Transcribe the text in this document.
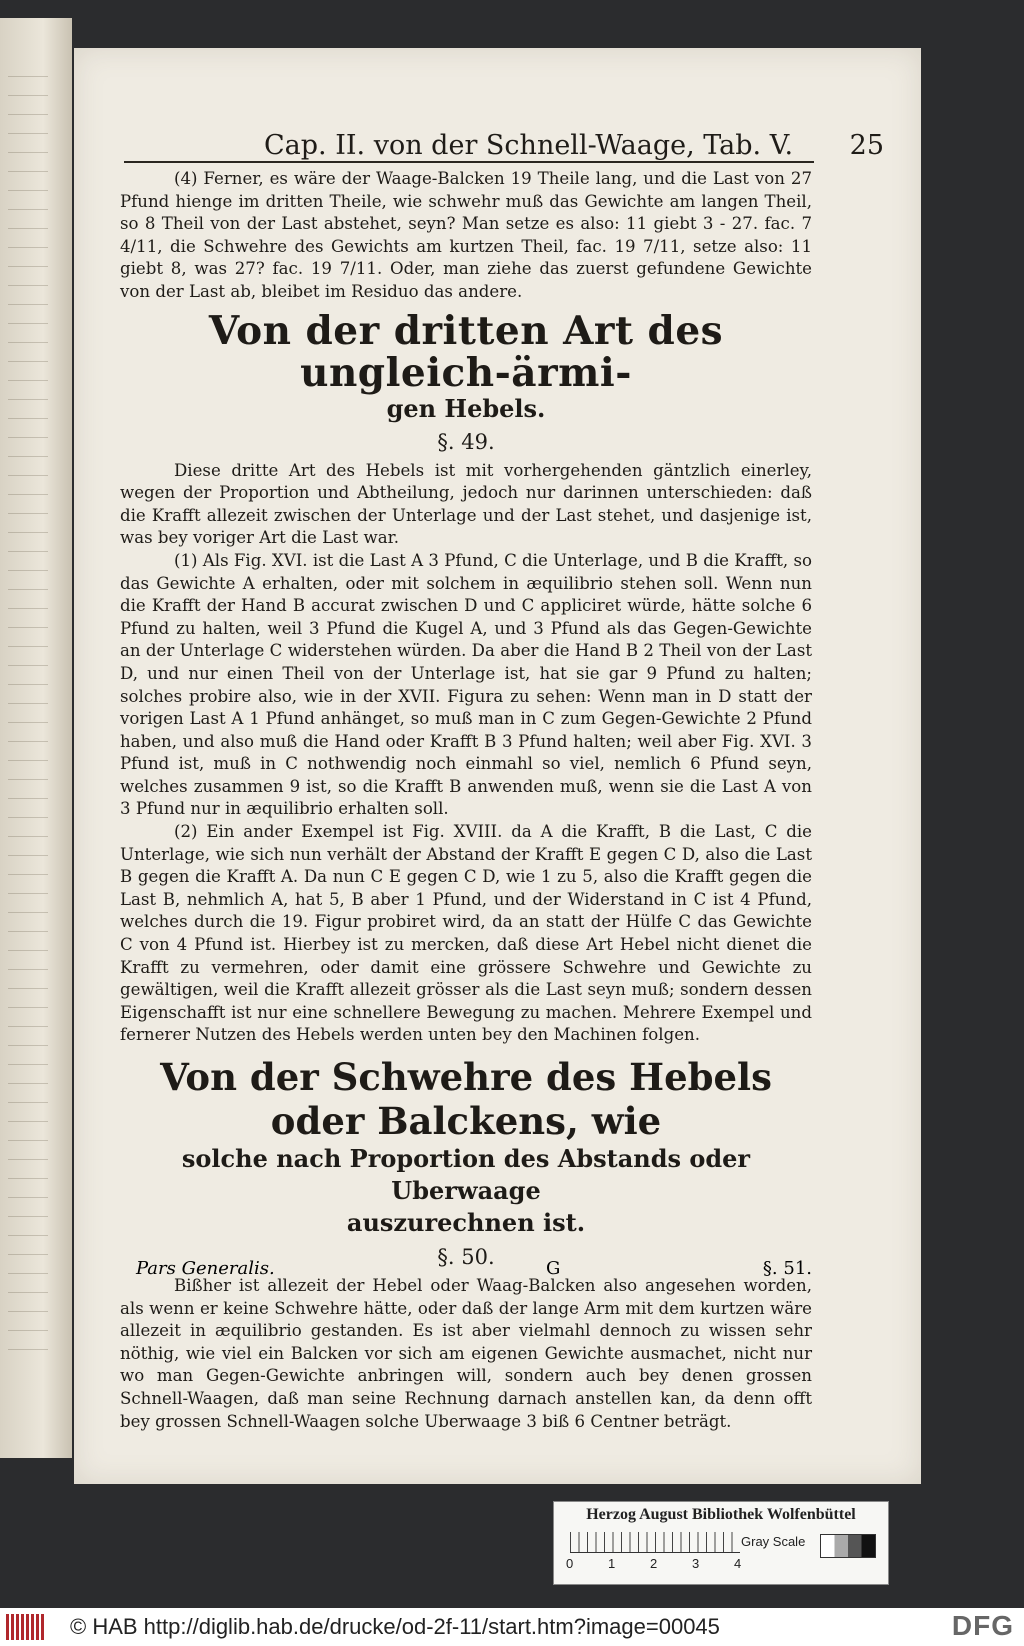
Cap. II. von der Schnell-Waage, Tab. V. 25

(4) Ferner, es wäre der Waage-Balcken 19 Theile lang, und die Last von 27 Pfund hienge im dritten Theile, wie schwehr muß das Gewichte am langen Theil, so 8 Theil von der Last abstehet, seyn? Man setze es also: 11 giebt 3 - 27. fac. 7 4/11, die Schwehre des Gewichts am kurtzen Theil, fac. 19 7/11, setze also: 11 giebt 8, was 27? fac. 19 7/11. Oder, man ziehe das zuerst gefundene Gewichte von der Last ab, bleibet im Residuo das andere.

Von der dritten Art des ungleich-ärmi-
gen Hebels.
§. 49.

Diese dritte Art des Hebels ist mit vorhergehenden gäntzlich einerley, wegen der Proportion und Abtheilung, jedoch nur darinnen unterschieden: daß die Krafft allezeit zwischen der Unterlage und der Last stehet, und dasjenige ist, was bey voriger Art die Last war.

(1) Als Fig. XVI. ist die Last A 3 Pfund, C die Unterlage, und B die Krafft, so das Gewichte A erhalten, oder mit solchem in æquilibrio stehen soll. Wenn nun die Krafft der Hand B accurat zwischen D und C appliciret würde, hätte solche 6 Pfund zu halten, weil 3 Pfund die Kugel A, und 3 Pfund als das Gegen-Gewichte an der Unterlage C widerstehen würden. Da aber die Hand B 2 Theil von der Last D, und nur einen Theil von der Unterlage ist, hat sie gar 9 Pfund zu halten; solches probire also, wie in der XVII. Figura zu sehen: Wenn man in D statt der vorigen Last A 1 Pfund anhänget, so muß man in C zum Gegen-Gewichte 2 Pfund haben, und also muß die Hand oder Krafft B 3 Pfund halten; weil aber Fig. XVI. 3 Pfund ist, muß in C nothwendig noch einmahl so viel, nemlich 6 Pfund seyn, welches zusammen 9 ist, so die Krafft B anwenden muß, wenn sie die Last A von 3 Pfund nur in æquilibrio erhalten soll.

(2) Ein ander Exempel ist Fig. XVIII. da A die Krafft, B die Last, C die Unterlage, wie sich nun verhält der Abstand der Krafft E gegen C D, also die Last B gegen die Krafft A. Da nun C E gegen C D, wie 1 zu 5, also die Krafft gegen die Last B, nehmlich A, hat 5, B aber 1 Pfund, und der Widerstand in C ist 4 Pfund, welches durch die 19. Figur probiret wird, da an statt der Hülfe C das Gewichte C von 4 Pfund ist. Hierbey ist zu mercken, daß diese Art Hebel nicht dienet die Krafft zu vermehren, oder damit eine grössere Schwehre und Gewichte zu gewältigen, weil die Krafft allezeit grösser als die Last seyn muß; sondern dessen Eigenschafft ist nur eine schnellere Bewegung zu machen. Mehrere Exempel und fernerer Nutzen des Hebels werden unten bey den Machinen folgen.

Von der Schwehre des Hebels oder Balckens, wie
solche nach Proportion des Abstands oder Uberwaage
auszurechnen ist.
§. 50.

Bißher ist allezeit der Hebel oder Waag-Balcken also angesehen worden, als wenn er keine Schwehre hätte, oder daß der lange Arm mit dem kurtzen wäre allezeit in æquilibrio gestanden. Es ist aber vielmahl dennoch zu wissen sehr nöthig, wie viel ein Balcken vor sich am eigenen Gewichte ausmachet, nicht nur wo man Gegen-Gewichte anbringen will, sondern auch bey denen grossen Schnell-Waagen, daß man seine Rechnung darnach anstellen kan, da denn offt bey grossen Schnell-Waagen solche Uberwaage 3 biß 6 Centner beträgt.

Pars Generalis.	G	§. 51.
Herzog August Bibliothek Wolfenbüttel
0	1	2	3	4
Gray Scale
© HAB http://diglib.hab.de/drucke/od-2f-11/start.htm?image=00045	DFG
